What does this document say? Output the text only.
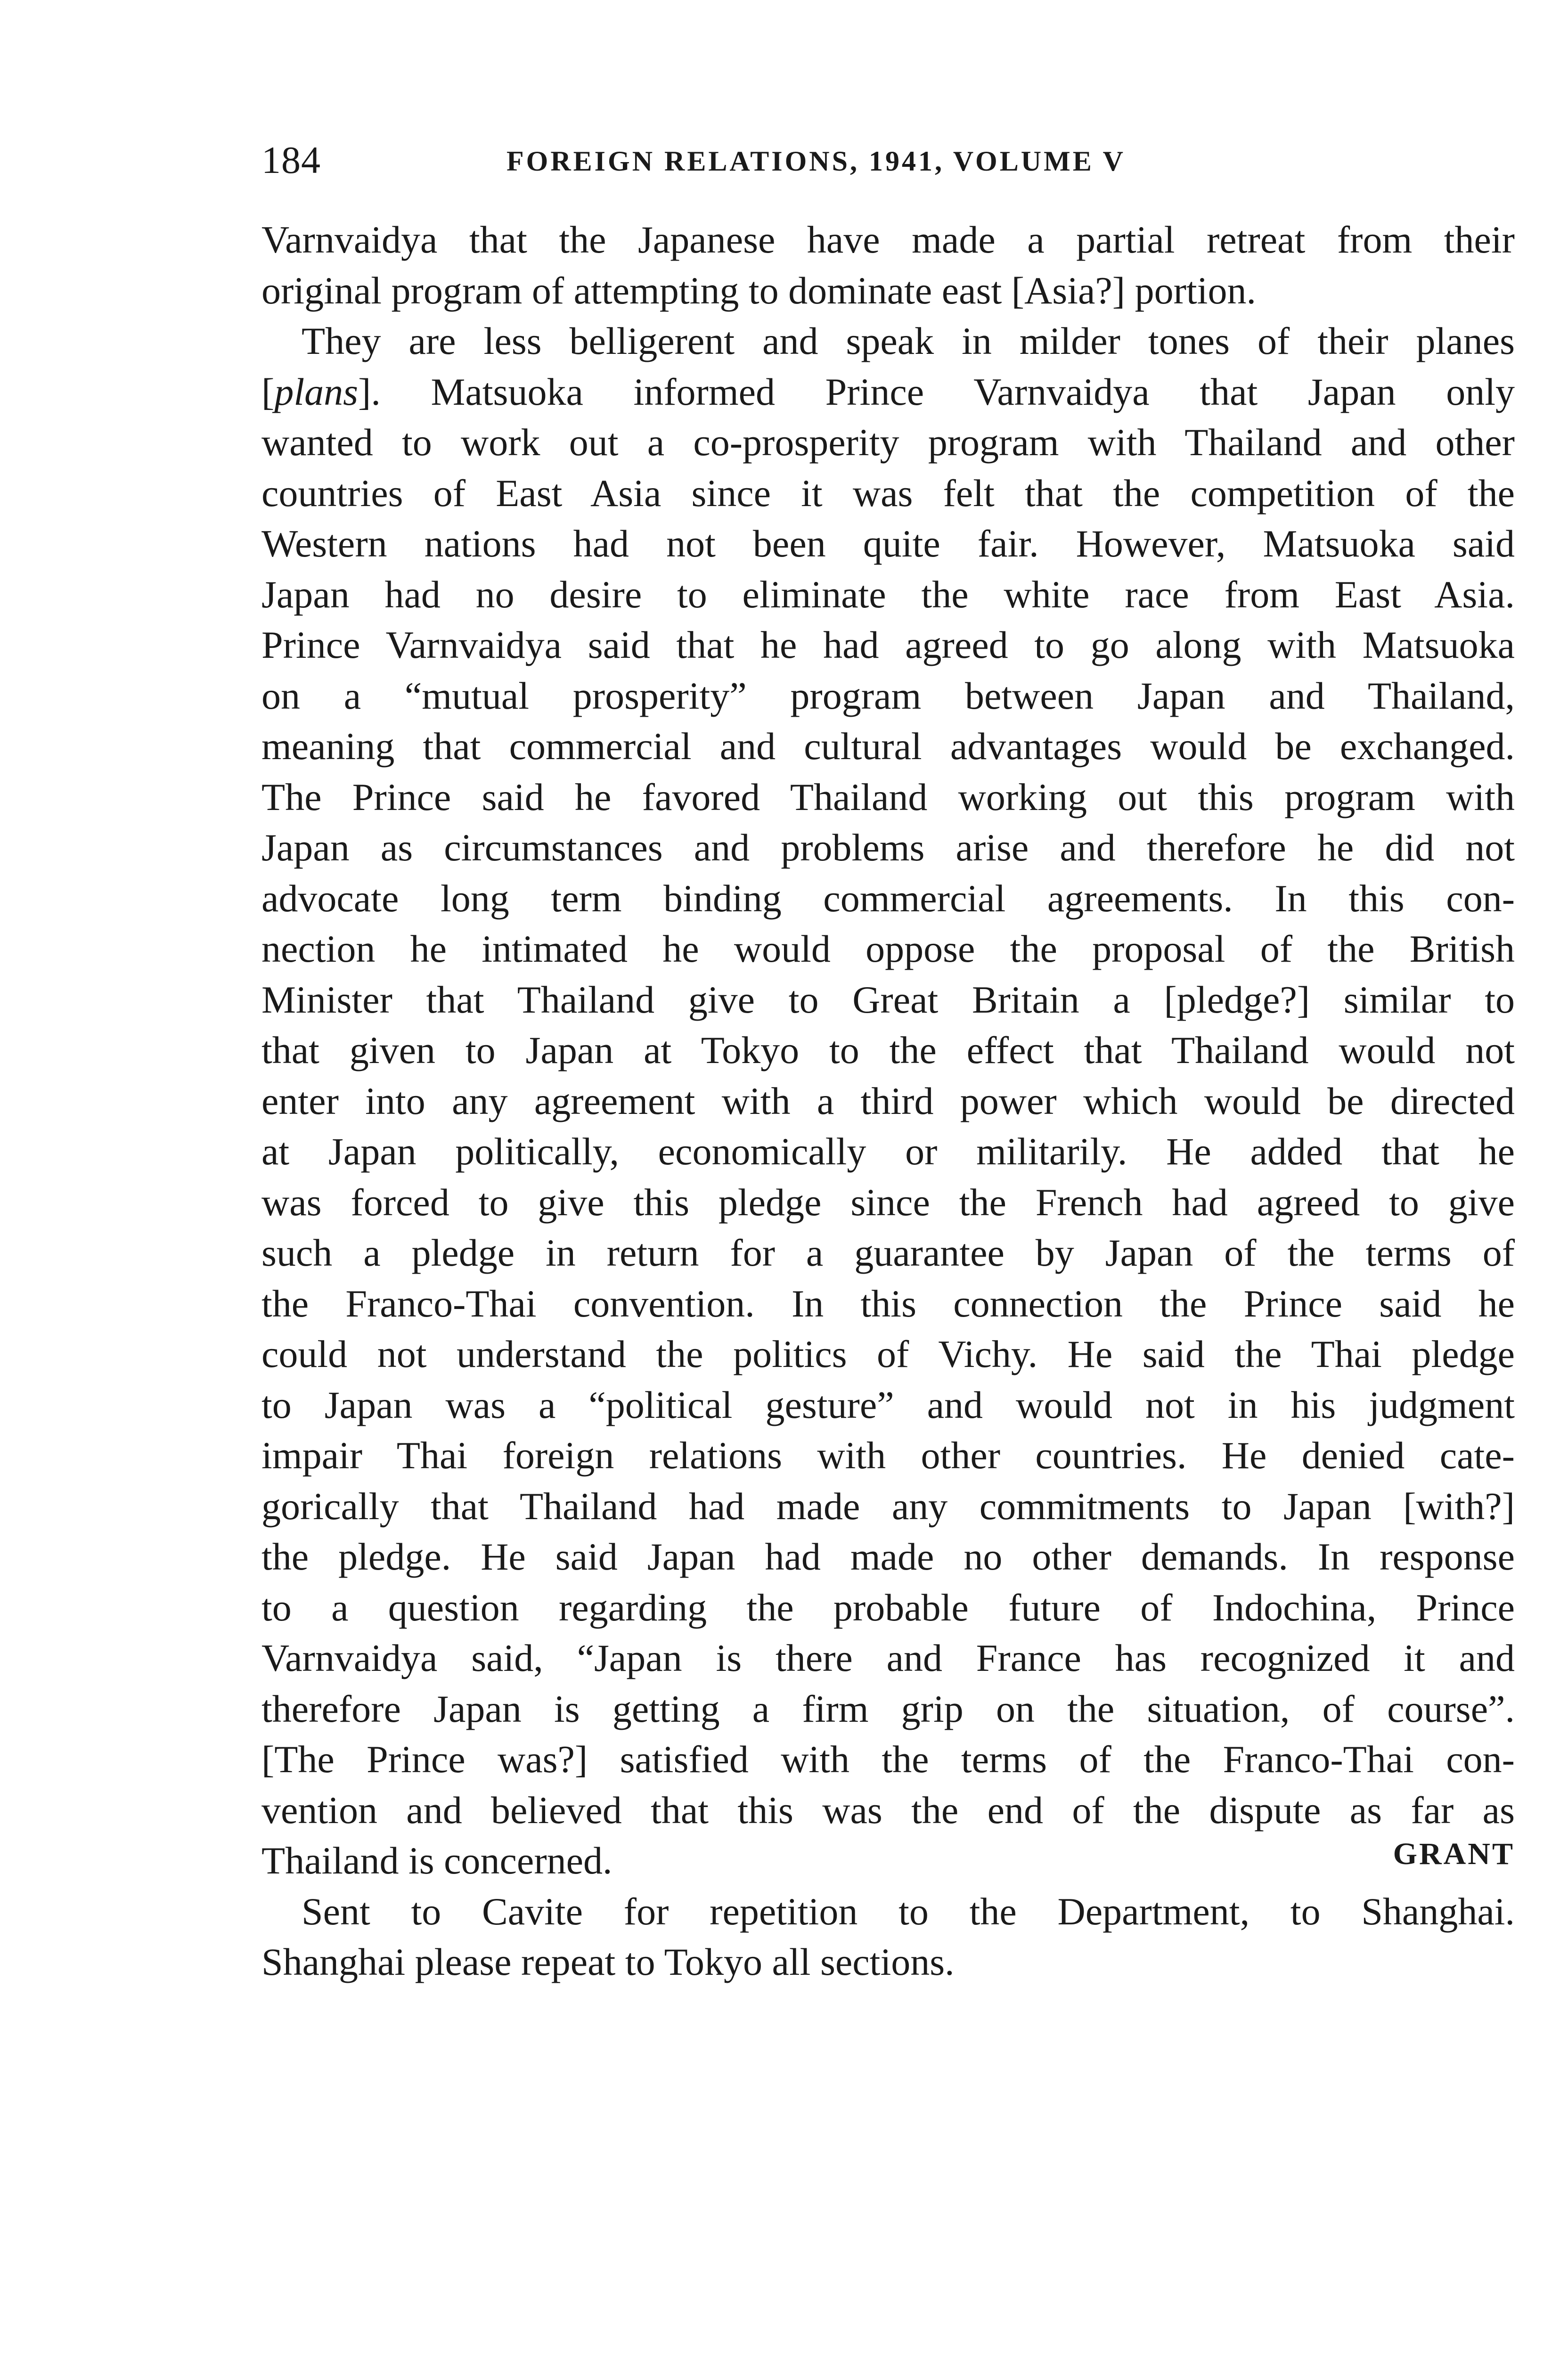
184	FOREIGN RELATIONS, 1941, VOLUME V
Varnvaidya that the Japanese have made a partial retreat from their
original program of attempting to dominate east [Asia?] portion.
They are less belligerent and speak in milder tones of their planes
[plans]. Matsuoka informed Prince Varnvaidya that Japan only
wanted to work out a co-prosperity program with Thailand and other
countries of East Asia since it was felt that the competition of the
Western nations had not been quite fair. However, Matsuoka said
Japan had no desire to eliminate the white race from East Asia.
Prince Varnvaidya said that he had agreed to go along with Matsuoka
on a “mutual prosperity” program between Japan and Thailand,
meaning that commercial and cultural advantages would be exchanged.
The Prince said he favored Thailand working out this program with
Japan as circumstances and problems arise and therefore he did not
advocate long term binding commercial agreements. In this con-
nection he intimated he would oppose the proposal of the British
Minister that Thailand give to Great Britain a [pledge?] similar to
that given to Japan at Tokyo to the effect that Thailand would not
enter into any agreement with a third power which would be directed
at Japan politically, economically or militarily. He added that he
was forced to give this pledge since the French had agreed to give
such a pledge in return for a guarantee by Japan of the terms of
the Franco-Thai convention. In this connection the Prince said he
could not understand the politics of Vichy. He said the Thai pledge
to Japan was a “political gesture” and would not in his judgment
impair Thai foreign relations with other countries. He denied cate-
gorically that Thailand had made any commitments to Japan [with?]
the pledge. He said Japan had made no other demands. In response
to a question regarding the probable future of Indochina, Prince
Varnvaidya said, “Japan is there and France has recognized it and
therefore Japan is getting a firm grip on the situation, of course”.
[The Prince was?] satisfied with the terms of the Franco-Thai con-
vention and believed that this was the end of the dispute as far as
Thailand is concerned.
Sent to Cavite for repetition to the Department, to Shanghai.
Shanghai please repeat to Tokyo all sections.
GRANT
